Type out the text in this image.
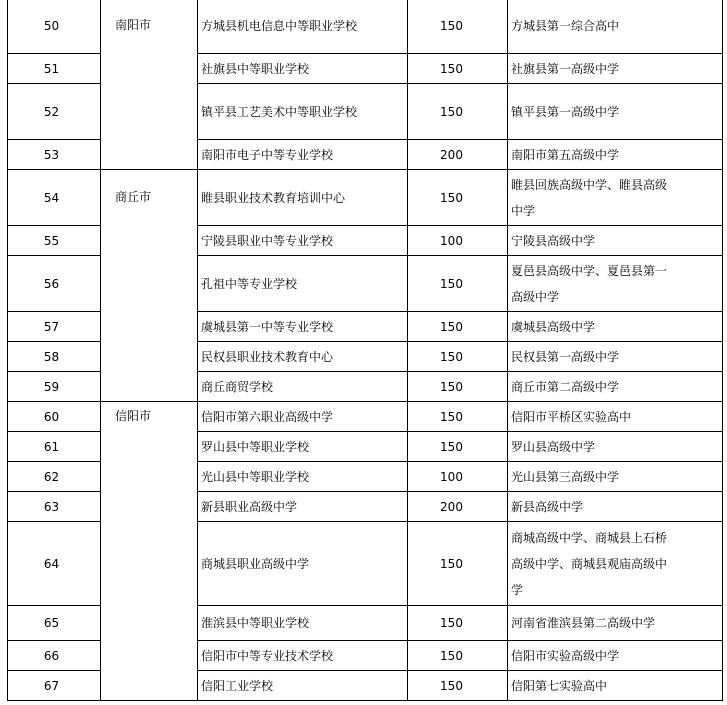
50	南阳市	方城县机电信息中等职业学校	150	方城县第一综合高中
51		社旗县中等职业学校	150	社旗县第一高级中学
52		镇平县工艺美术中等职业学校	150	镇平县第一高级中学
53		南阳市电子中等专业学校	200	南阳市第五高级中学
54	商丘市	睢县职业技术教育培训中心	150	睢县回族高级中学、睢县高级中学

55		宁陵县职业中等专业学校	100	宁陵县高级中学
56		孔祖中等专业学校	150	夏邑县高级中学、夏邑县第一高级中学

57		虞城县第一中等专业学校	150	虞城县高级中学
58		民权县职业技术教育中心	150	民权县第一高级中学
59		商丘商贸学校	150	商丘市第二高级中学
60	信阳市	信阳市第六职业高级中学	150	信阳市平桥区实验高中
61		罗山县中等职业学校	150	罗山县高级中学
62		光山县中等职业学校	100	光山县第三高级中学
63		新县职业高级中学	200	新县高级中学
64		商城县职业高级中学	150	商城高级中学、商城县上石桥高级中学、商城县观庙高级中学

65		淮滨县中等职业学校	150	河南省淮滨县第二高级中学
66		信阳市中等专业技术学校	150	信阳市实验高级中学
67		信阳工业学校	150	信阳第七实验高中
